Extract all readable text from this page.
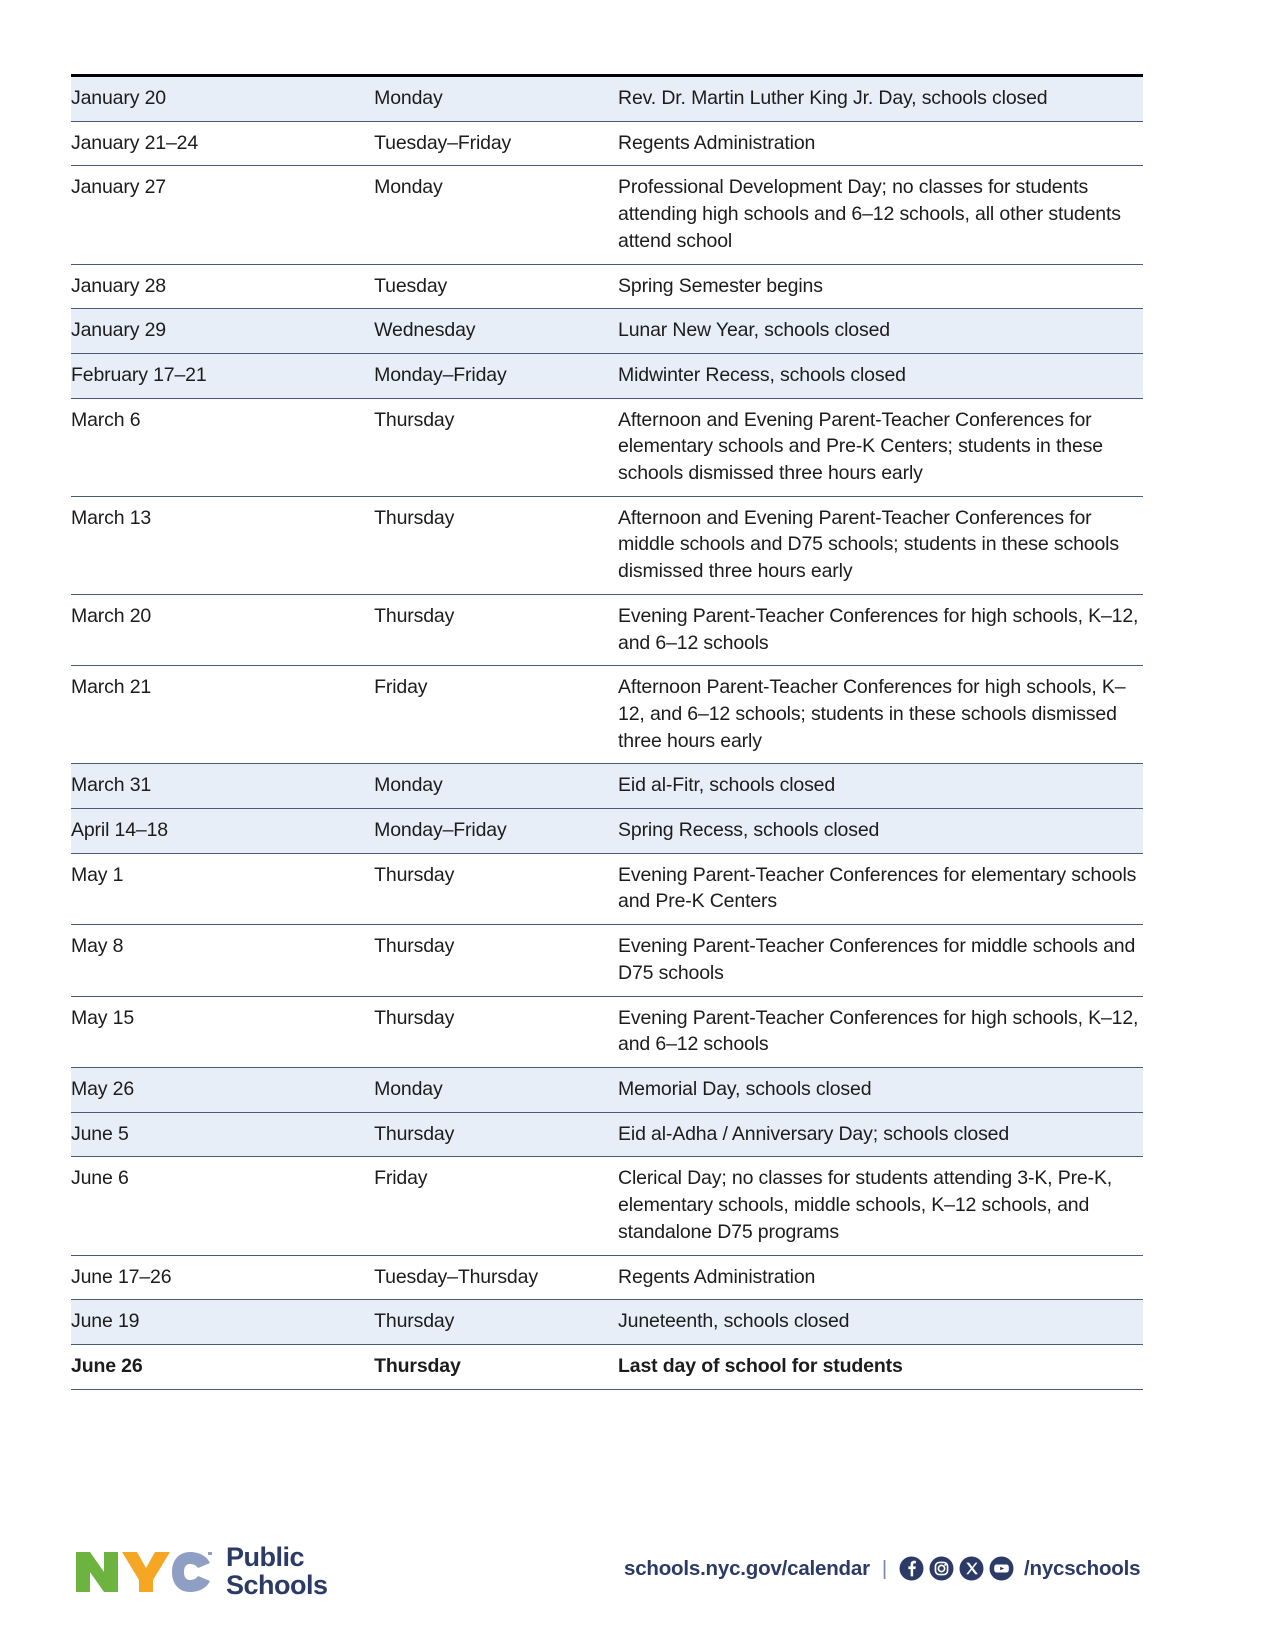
January 20	Monday	Rev. Dr. Martin Luther King Jr. Day, schools closed
January 21–24	Tuesday–Friday	Regents Administration
January 27	Monday	Professional Development Day; no classes for students attending high schools and 6–12 schools, all other students attend school
January 28	Tuesday	Spring Semester begins
January 29	Wednesday	Lunar New Year, schools closed
February 17–21	Monday–Friday	Midwinter Recess, schools closed
March 6	Thursday	Afternoon and Evening Parent-Teacher Conferences for elementary schools and Pre-K Centers; students in these schools dismissed three hours early
March 13	Thursday	Afternoon and Evening Parent-Teacher Conferences for middle schools and D75 schools; students in these schools dismissed three hours early
March 20	Thursday	Evening Parent-Teacher Conferences for high schools, K–12, and 6–12 schools
March 21	Friday	Afternoon Parent-Teacher Conferences for high schools, K–12, and 6–12 schools; students in these schools dismissed three hours early
March 31	Monday	Eid al-Fitr, schools closed
April 14–18	Monday–Friday	Spring Recess, schools closed
May 1	Thursday	Evening Parent-Teacher Conferences for elementary schools and Pre-K Centers
May 8	Thursday	Evening Parent-Teacher Conferences for middle schools and D75 schools
May 15	Thursday	Evening Parent-Teacher Conferences for high schools, K–12, and 6–12 schools
May 26	Monday	Memorial Day, schools closed
June 5	Thursday	Eid al-Adha / Anniversary Day; schools closed
June 6	Friday	Clerical Day; no classes for students attending 3-K, Pre-K, elementary schools, middle schools, K–12 schools, and standalone D75 programs
June 17–26	Tuesday–Thursday	Regents Administration
June 19	Thursday	Juneteenth, schools closed
June 26	Thursday	Last day of school for students
Public
Schools
schools.nyc.gov/calendar |	/nycschools
